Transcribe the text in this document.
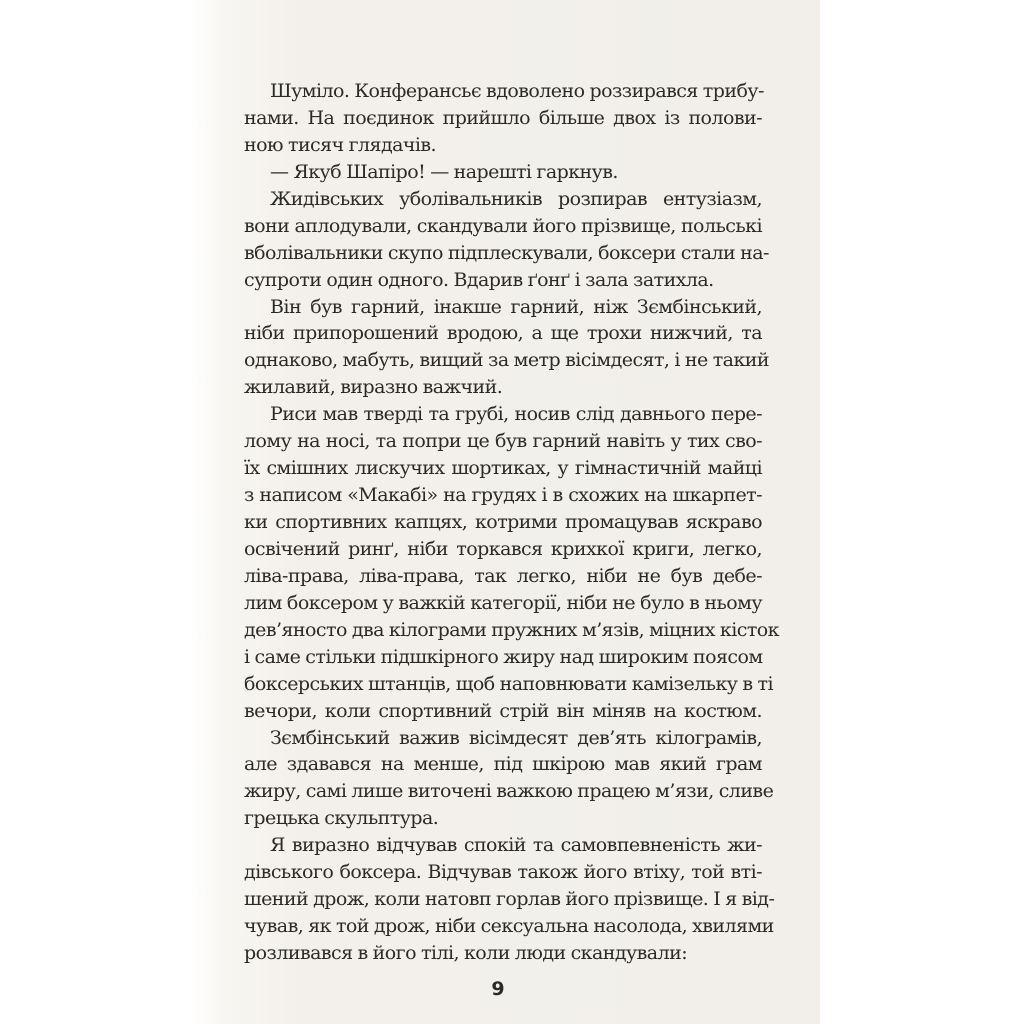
Шуміло. Конферансьє вдоволено роззирався трибу-
нами. На поєдинок прийшло більше двох із полови-
ною тисяч глядачів.
— Якуб Шапіро! — нарешті гаркнув.
Жидівських уболівальників розпирав ентузіазм,
вони аплодували, скандували його прізвище, польські
вболівальники скупо підплескували, боксери стали на-
супроти один одного. Вдарив ґонґ і зала затихла.
Він був гарний, інакше гарний, ніж Зємбінський,
ніби припорошений вродою, а ще трохи нижчий, та
однаково, мабуть, вищий за метр вісімдесят, і не такий
жилавий, виразно важчий.
Риси мав тверді та грубі, носив слід давнього пере-
лому на носі, та попри це був гарний навіть у тих сво-
їх смішних лискучих шортиках, у гімнастичній майці
з написом «Макабі» на грудях і в схожих на шкарпет-
ки спортивних капцях, котрими промацував яскраво
освічений ринґ, ніби торкався крихкої криги, легко,
ліва-права, ліва-права, так легко, ніби не був дебе-
лим боксером у важкій категорії, ніби не було в ньому
дев’яносто два кілограми пружних м’язів, міцних кісток
і саме стільки підшкірного жиру над широким поясом
боксерських штанців, щоб наповнювати камізельку в ті
вечори, коли спортивний стрій він міняв на костюм.
Зємбінський важив вісімдесят дев’ять кілограмів,
але здавався на менше, під шкірою мав який грам
жиру, самі лише виточені важкою працею м’язи, сливе
грецька скульптура.
Я виразно відчував спокій та самовпевненість жи-
дівського боксера. Відчував також його втіху, той вті-
шений дрож, коли натовп горлав його прізвище. І я від-
чував, як той дрож, ніби сексуальна насолода, хвилями
розливався в його тілі, коли люди скандували:
9
